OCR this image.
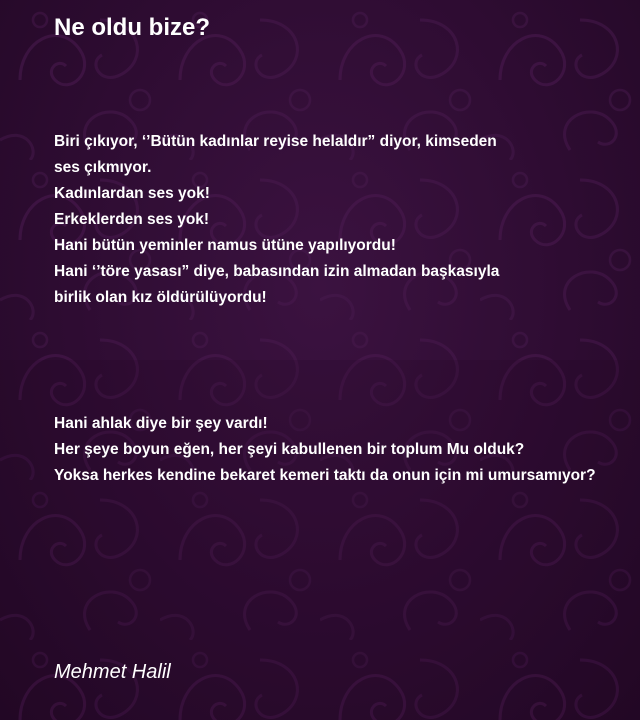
Ne oldu bize?
Biri çıkıyor, ‘’Bütün kadınlar reyise helaldır” diyor, kimseden
ses çıkmıyor.
Kadınlardan ses yok!
Erkeklerden ses yok!
Hani bütün yeminler namus ütüne yapılıyordu!
Hani ‘’töre yasası” diye, babasından izin almadan başkasıyla
birlik olan kız öldürülüyordu!
Hani ahlak diye bir şey vardı!
Her şeye boyun eğen, her şeyi kabullenen bir toplum Mu olduk?
Yoksa herkes kendine bekaret kemeri taktı da onun için mi umursamıyor?
Mehmet Halil
